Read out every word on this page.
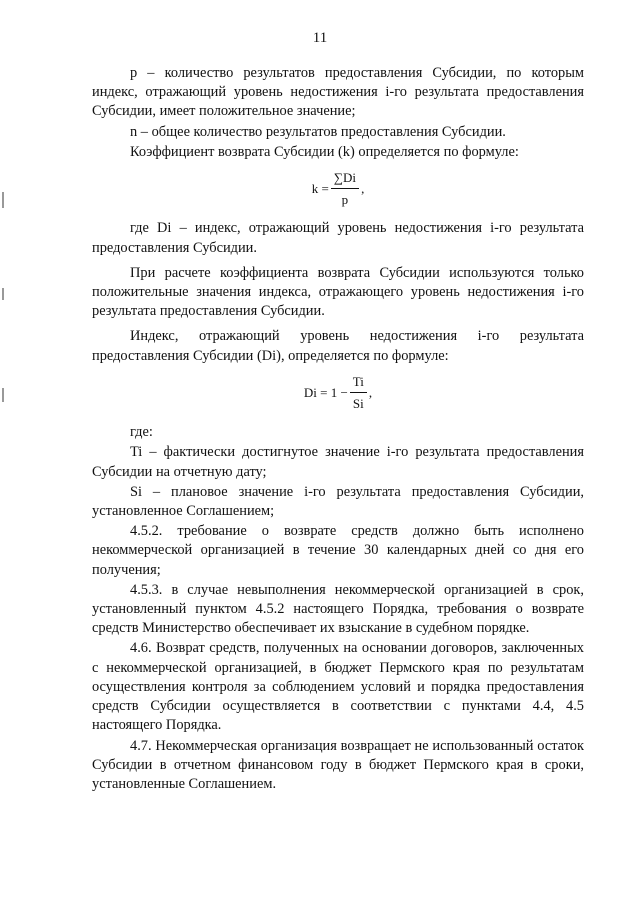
11

р – количество результатов предоставления Субсидии, по которым индекс, отражающий уровень недостижения i-го результата предоставления Субсидии, имеет положительное значение;

n – общее количество результатов предоставления Субсидии.

Коэффициент возврата Субсидии (k) определяется по формуле:

$k = \frac{\sum Di}{p}$ ,

где Di – индекс, отражающий уровень недостижения i-го результата предоставления Субсидии.

При расчете коэффициента возврата Субсидии используются только положительные значения индекса, отражающего уровень недостижения i-го результата предоставления Субсидии.

Индекс, отражающий уровень недостижения i-го результата предоставления Субсидии (Di), определяется по формуле:

$Di = 1 - \frac{Ti}{Si}$ ,

где:

Ti – фактически достигнутое значение i-го результата предоставления Субсидии на отчетную дату;

Si – плановое значение i-го результата предоставления Субсидии, установленное Соглашением;

4.5.2. требование о возврате средств должно быть исполнено некоммерческой организацией в течение 30 календарных дней со дня его получения;

4.5.3. в случае невыполнения некоммерческой организацией в срок, установленный пунктом 4.5.2 настоящего Порядка, требования о возврате средств Министерство обеспечивает их взыскание в судебном порядке.

4.6. Возврат средств, полученных на основании договоров, заключенных с некоммерческой организацией, в бюджет Пермского края по результатам осуществления контроля за соблюдением условий и порядка предоставления средств Субсидии осуществляется в соответствии с пунктами 4.4, 4.5 настоящего Порядка.

4.7. Некоммерческая организация возвращает не использованный остаток Субсидии в отчетном финансовом году в бюджет Пермского края в сроки, установленные Соглашением.
